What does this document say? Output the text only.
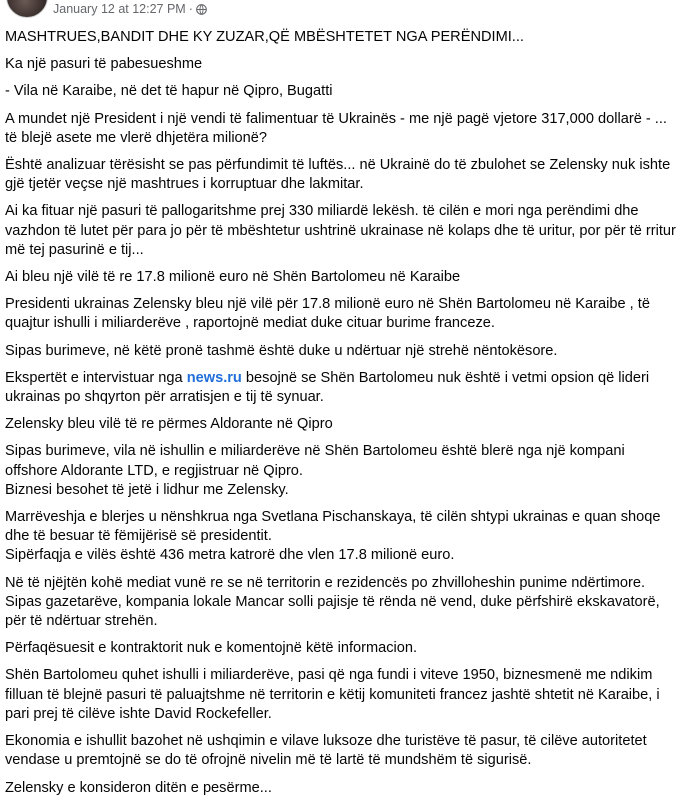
January 12 at 12:27 PM ·

MASHTRUES,BANDIT DHE KY ZUZAR,QË MBËSHTETET NGA PERËNDIMI...

Ka një pasuri të pabesueshme

- Vila në Karaibe, në det të hapur në Qipro, Bugatti

A mundet një President i një vendi të falimentuar të Ukrainës - me një pagë vjetore 317,000 dollarë - ... të blejë asete me vlerë dhjetëra milionë?

Është analizuar tërësisht se pas përfundimit të luftës... në Ukrainë do të zbulohet se Zelensky nuk ishte gjë tjetër veçse një mashtrues i korruptuar dhe lakmitar.

Ai ka fituar një pasuri të pallogaritshme prej 330 miliardë lekësh. të cilën e mori nga perëndimi dhe vazhdon të lutet për para jo për të mbështetur ushtrinë ukrainase në kolaps dhe të uritur, por për të rritur më tej pasurinë e tij...

Ai bleu një vilë të re 17.8 milionë euro në Shën Bartolomeu në Karaibe

Presidenti ukrainas Zelensky bleu një vilë për 17.8 milionë euro në Shën Bartolomeu në Karaibe , të quajtur ishulli i miliarderëve , raportojnë mediat duke cituar burime franceze.

Sipas burimeve, në këtë pronë tashmë është duke u ndërtuar një strehë nëntokësore.

Ekspertët e intervistuar nga news.ru besojnë se Shën Bartolomeu nuk është i vetmi opsion që lideri ukrainas po shqyrton për arratisjen e tij të synuar.

Zelensky bleu vilë të re përmes Aldorante në Qipro

Sipas burimeve, vila në ishullin e miliarderëve në Shën Bartolomeu është blerë nga një kompani offshore Aldorante LTD, e regjistruar në Qipro.
Biznesi besohet të jetë i lidhur me Zelensky.

Marrëveshja e blerjes u nënshkrua nga Svetlana Pischanskaya, të cilën shtypi ukrainas e quan shoqe dhe të besuar të fëmijërisë së presidentit.
Sipërfaqja e vilës është 436 metra katrorë dhe vlen 17.8 milionë euro.

Në të njëjtën kohë mediat vunë re se në territorin e rezidencës po zhvilloheshin punime ndërtimore.
Sipas gazetarëve, kompania lokale Mancar solli pajisje të rënda në vend, duke përfshirë ekskavatorë, për të ndërtuar strehën.

Përfaqësuesit e kontraktorit nuk e komentojnë këtë informacion.

Shën Bartolomeu quhet ishulli i miliarderëve, pasi që nga fundi i viteve 1950, biznesmenë me ndikim filluan të blejnë pasuri të paluajtshme në territorin e këtij komuniteti francez jashtë shtetit në Karaibe, i pari prej të cilëve ishte David Rockefeller.

Ekonomia e ishullit bazohet në ushqimin e vilave luksoze dhe turistëve të pasur, të cilëve autoritetet vendase u premtojnë se do të ofrojnë nivelin më të lartë të mundshëm të sigurisë.

Zelensky e konsideron ditën e pesërme...
